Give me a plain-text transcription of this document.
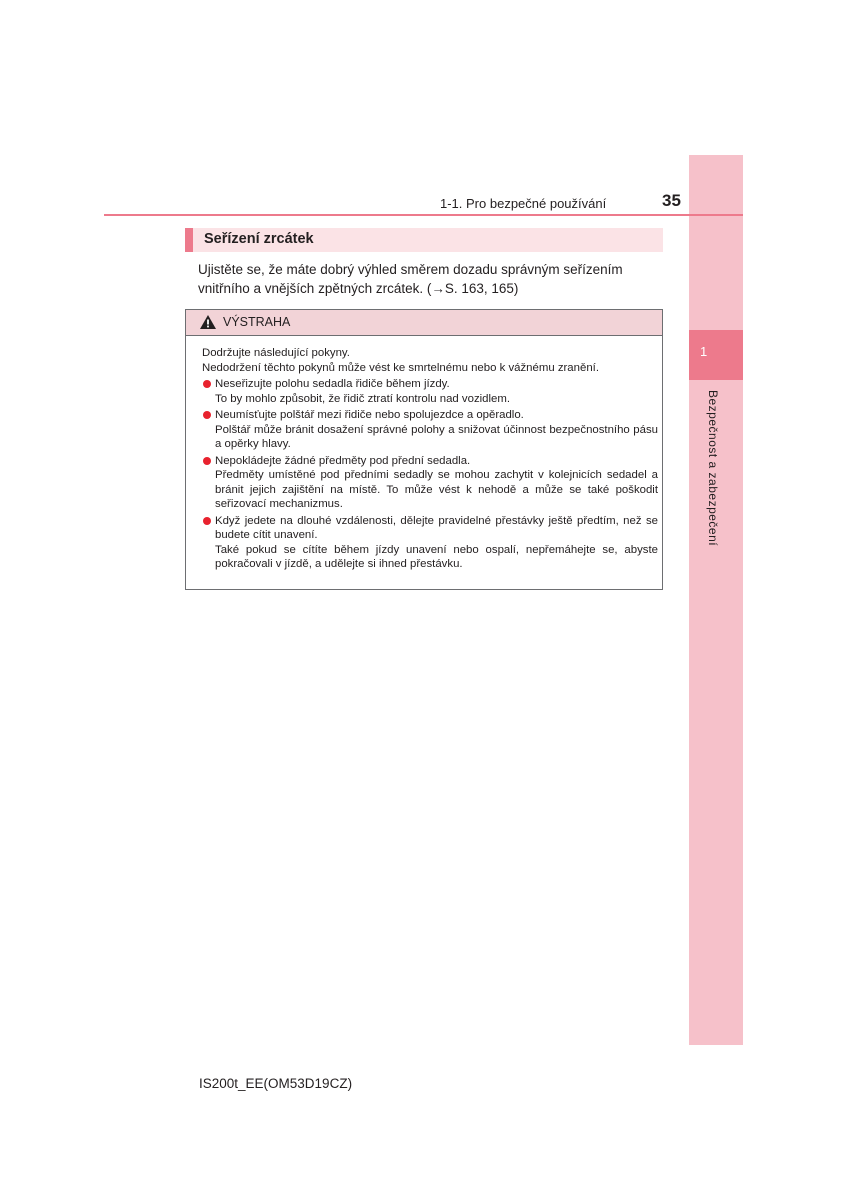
1
Bezpečnost a zabezpečení
1-1. Pro bezpečné používání	35
Seřízení zrcátek
Ujistěte se, že máte dobrý výhled směrem dozadu správným seřízením vnitřního a vnějších zpětných zrcátek. (→S. 163, 165)
VÝSTRAHA

Dodržujte následující pokyny.

Nedodržení těchto pokynů může vést ke smrtelnému nebo k vážnému zranění.

Neseřizujte polohu sedadla řidiče během jízdy.
To by mohlo způsobit, že řidič ztratí kontrolu nad vozidlem.
Neumísťujte polštář mezi řidiče nebo spolujezdce a opěradlo.
Polštář může bránit dosažení správné polohy a snižovat účinnost bezpečnostního pásu a opěrky hlavy.
Nepokládejte žádné předměty pod přední sedadla.
Předměty umístěné pod předními sedadly se mohou zachytit v kolejnicích sedadel a bránit jejich zajištění na místě. To může vést k nehodě a může se také poškodit seřizovací mechanizmus.
Když jedete na dlouhé vzdálenosti, dělejte pravidelné přestávky ještě předtím, než se budete cítit unavení.
Také pokud se cítíte během jízdy unavení nebo ospalí, nepřemáhejte se, abyste pokračovali v jízdě, a udělejte si ihned přestávku.
IS200t_EE(OM53D19CZ)
